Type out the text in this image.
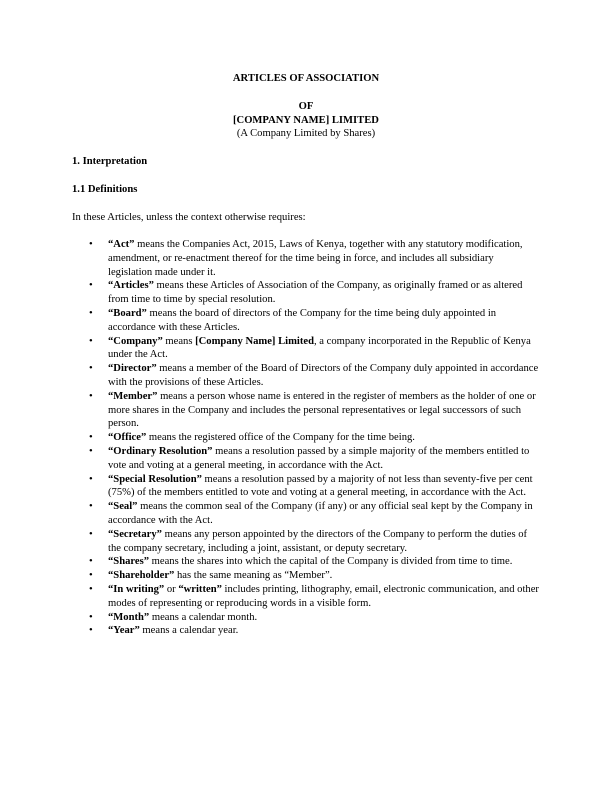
ARTICLES OF ASSOCIATION
OF
[COMPANY NAME] LIMITED
(A Company Limited by Shares)
1. Interpretation
1.1 Definitions
In these Articles, unless the context otherwise requires:
• “Act” means the Companies Act, 2015, Laws of Kenya, together with any statutory modification, amendment, or re-enactment thereof for the time being in force, and includes all subsidiary legislation made under it.
• “Articles” means these Articles of Association of the Company, as originally framed or as altered from time to time by special resolution.
• “Board” means the board of directors of the Company for the time being duly appointed in accordance with these Articles.
• “Company” means [Company Name] Limited, a company incorporated in the Republic of Kenya under the Act.
• “Director” means a member of the Board of Directors of the Company duly appointed in accordance with the provisions of these Articles.
• “Member” means a person whose name is entered in the register of members as the holder of one or more shares in the Company and includes the personal representatives or legal successors of such person.
• “Office” means the registered office of the Company for the time being.
• “Ordinary Resolution” means a resolution passed by a simple majority of the members entitled to vote and voting at a general meeting, in accordance with the Act.
• “Special Resolution” means a resolution passed by a majority of not less than seventy-five per cent (75%) of the members entitled to vote and voting at a general meeting, in accordance with the Act.
• “Seal” means the common seal of the Company (if any) or any official seal kept by the Company in accordance with the Act.
• “Secretary” means any person appointed by the directors of the Company to perform the duties of the company secretary, including a joint, assistant, or deputy secretary.
• “Shares” means the shares into which the capital of the Company is divided from time to time.
• “Shareholder” has the same meaning as “Member”.
• “In writing” or “written” includes printing, lithography, email, electronic communication, and other modes of representing or reproducing words in a visible form.
• “Month” means a calendar month.
• “Year” means a calendar year.
